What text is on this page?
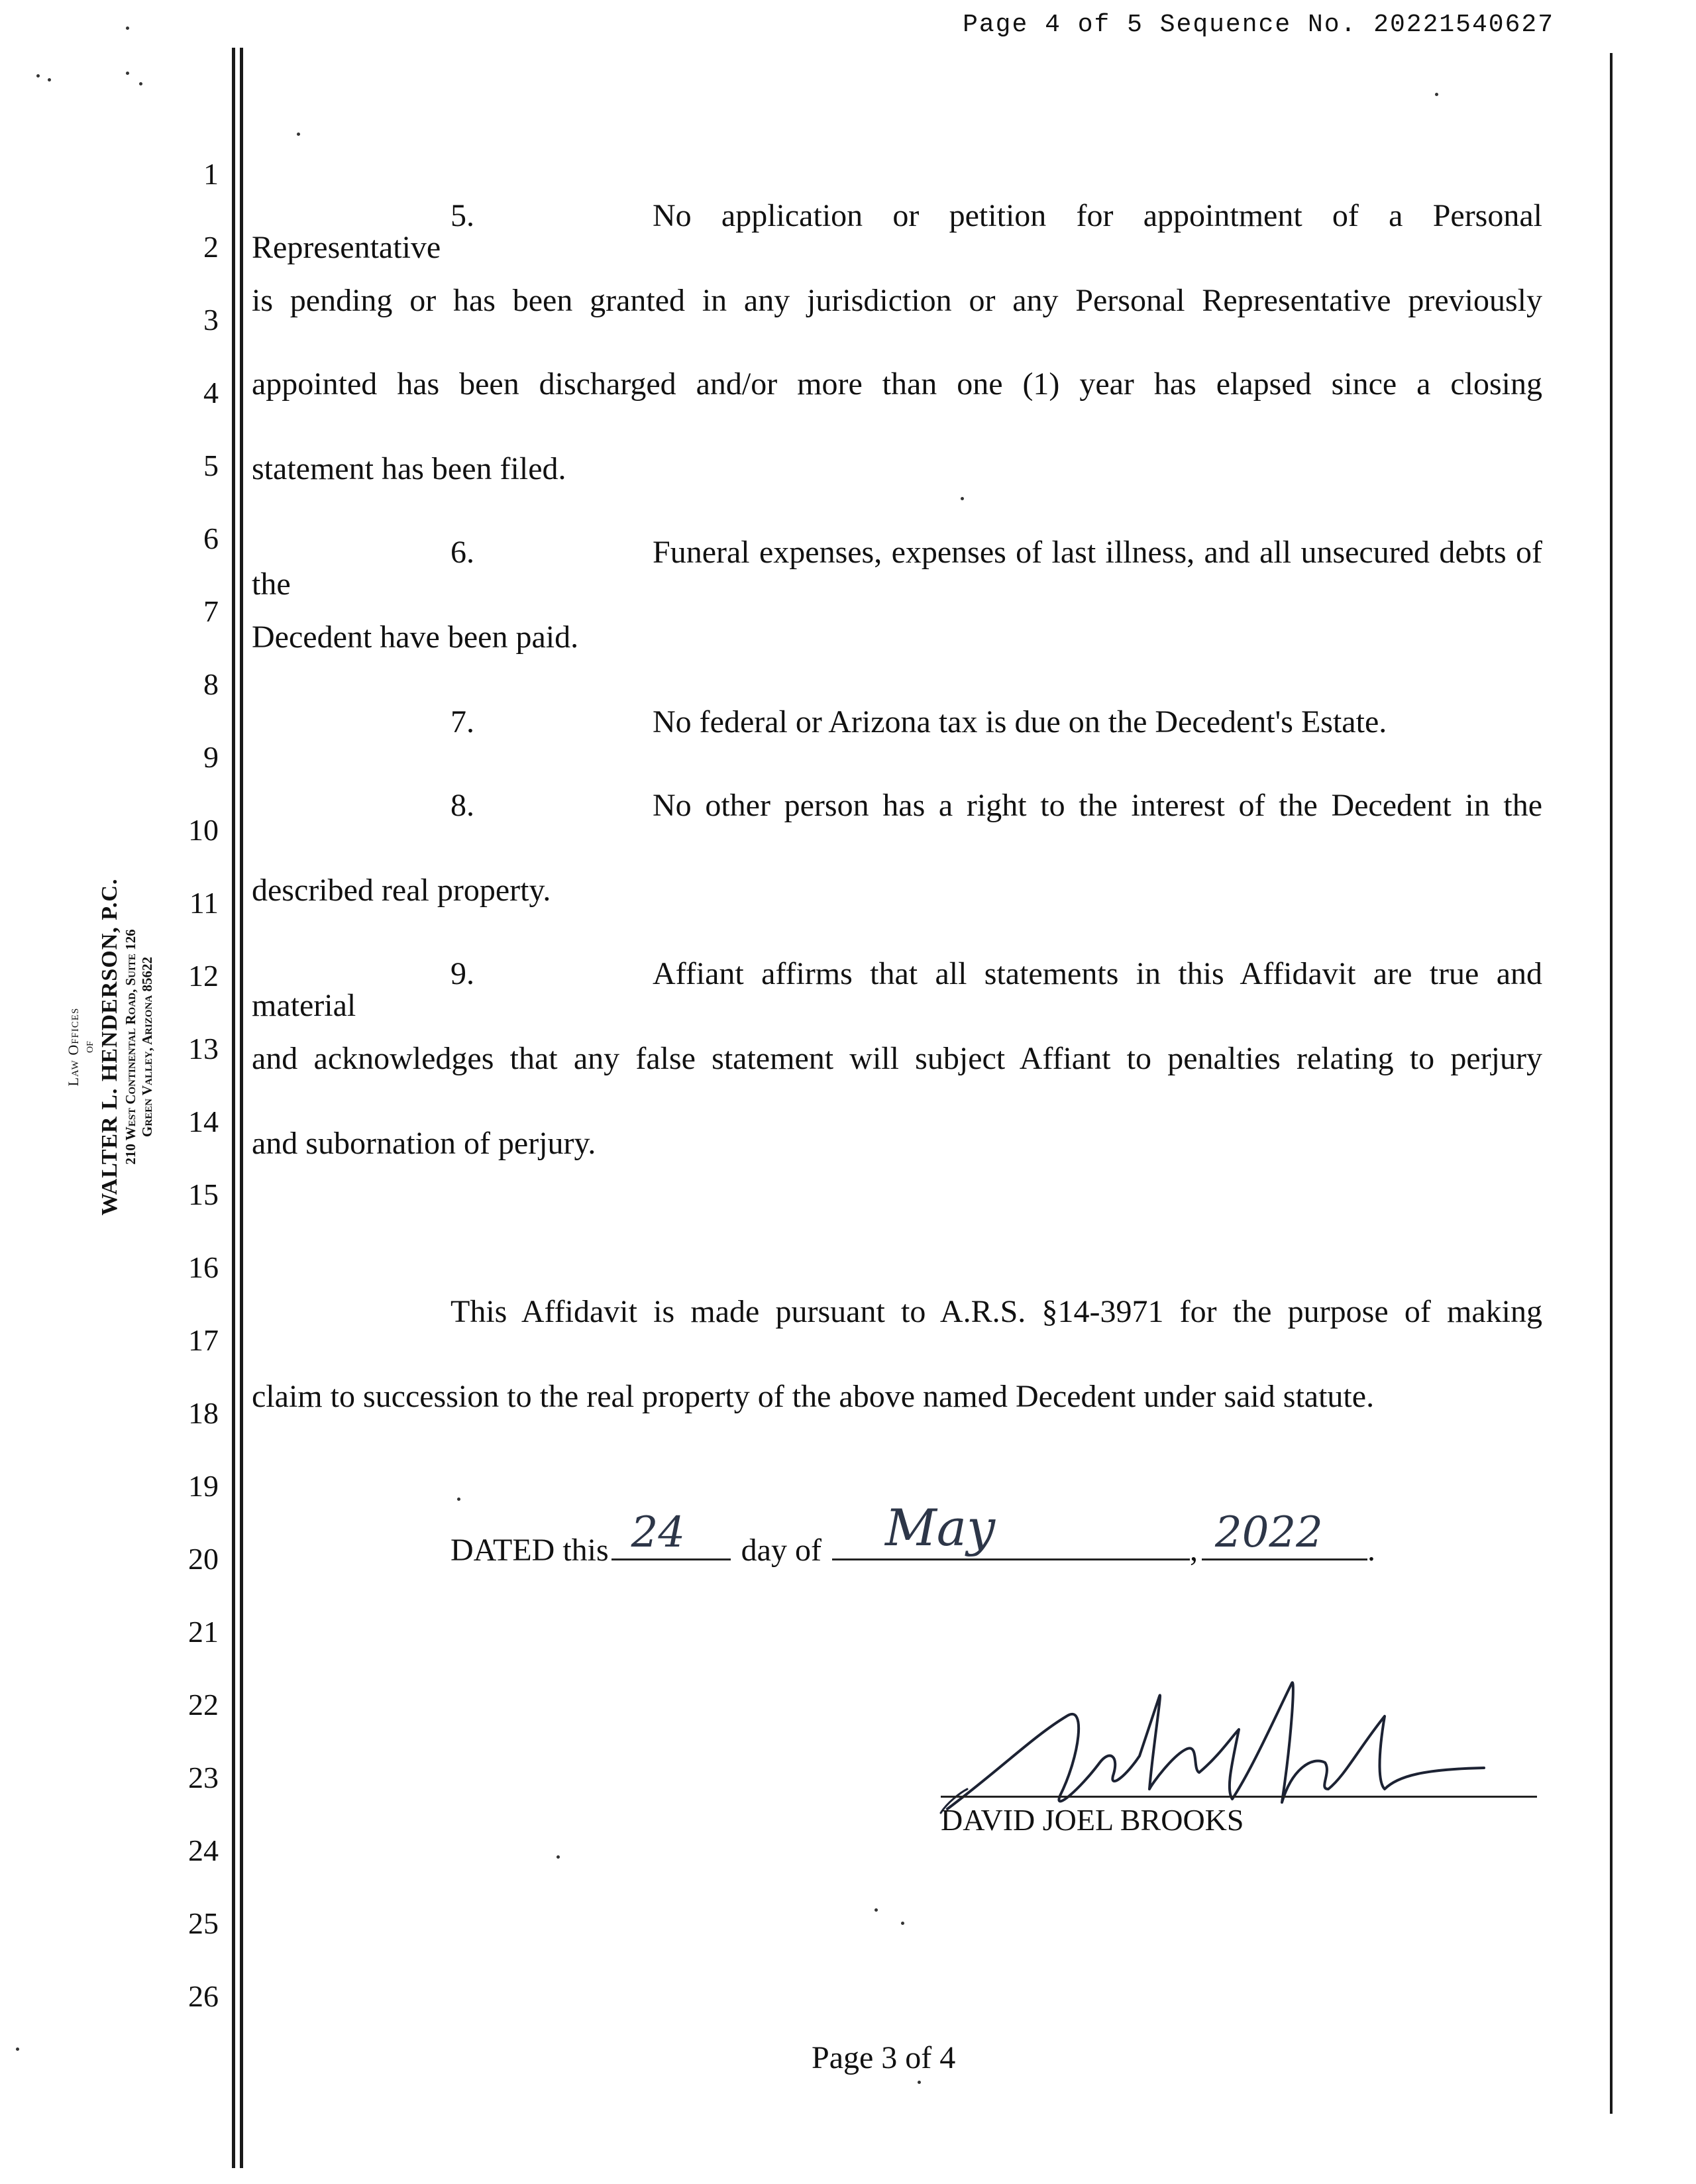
Page 4 of 5 Sequence No. 20221540627
Law Offices of WALTER L. HENDERSON, P.C. 210 West Continental Road, Suite 126 Green Valley, Arizona 85622
1
2
3
4
5
6
7
8
9
10
11
12
13
14
15
16
17
18
19
20
21
22
23
24
25
26
5.	No application or petition for appointment of a Personal Representative
is pending or has been granted in any jurisdiction or any Personal Representative previously
appointed has been discharged and/or more than one (1) year has elapsed since a closing
statement has been filed.
6.	Funeral expenses, expenses of last illness, and all unsecured debts of the
Decedent have been paid.
7.	No federal or Arizona tax is due on the Decedent's Estate.
8.	No other person has a right to the interest of the Decedent in the
described real property.
9.	Affiant affirms that all statements in this Affidavit are true and material
and acknowledges that any false statement will subject Affiant to penalties relating to perjury
and subornation of perjury.
This Affidavit is made pursuant to A.R.S. §14-3971 for the purpose of making
claim to succession to the real property of the above named Decedent under said statute.
DATED this 24 day of May	, 2022 .
DAVID JOEL BROOKS
Page 3 of 4
